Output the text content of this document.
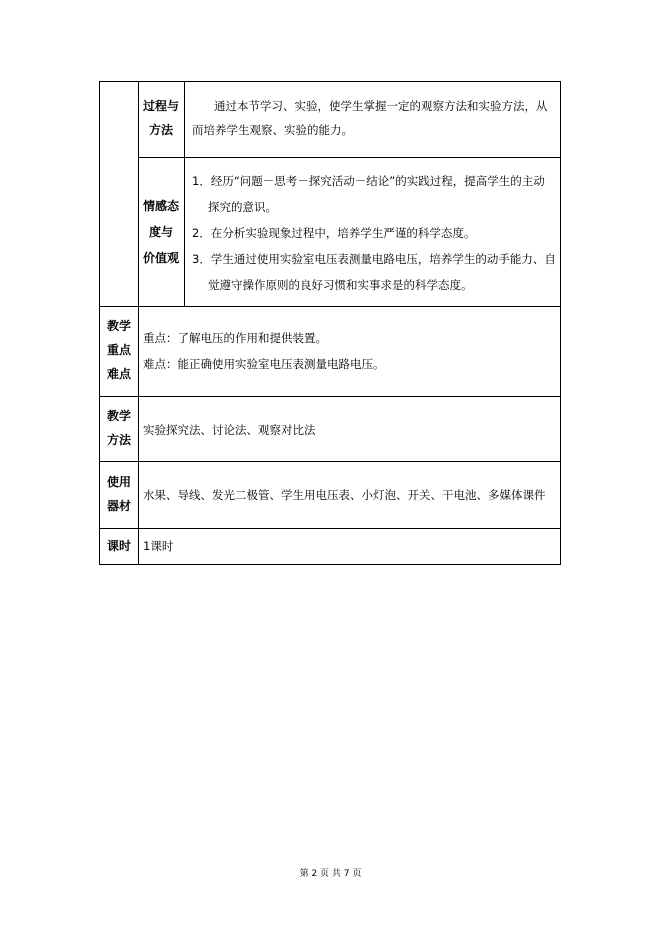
过程与
方法
通过本节学习、实验，使学生掌握一定的观察方法和实验方法，从
而培养学生观察、实验的能力。
情感态
度与
价值观
1．经历“问题－思考－探究活动－结论”的实践过程，提高学生的主动
探究的意识。
2．在分析实验现象过程中，培养学生严谨的科学态度。
3．学生通过使用实验室电压表测量电路电压，培养学生的动手能力、自
觉遵守操作原则的良好习惯和实事求是的科学态度。
教学
重点
难点
重点：了解电压的作用和提供装置。
难点：能正确使用实验室电压表测量电路电压。
教学
方法
实验探究法、讨论法、观察对比法
使用
器材
水果、导线、发光二极管、学生用电压表、小灯泡、开关、干电池、多媒体课件
课时	1课时
第 2 页 共 7 页
